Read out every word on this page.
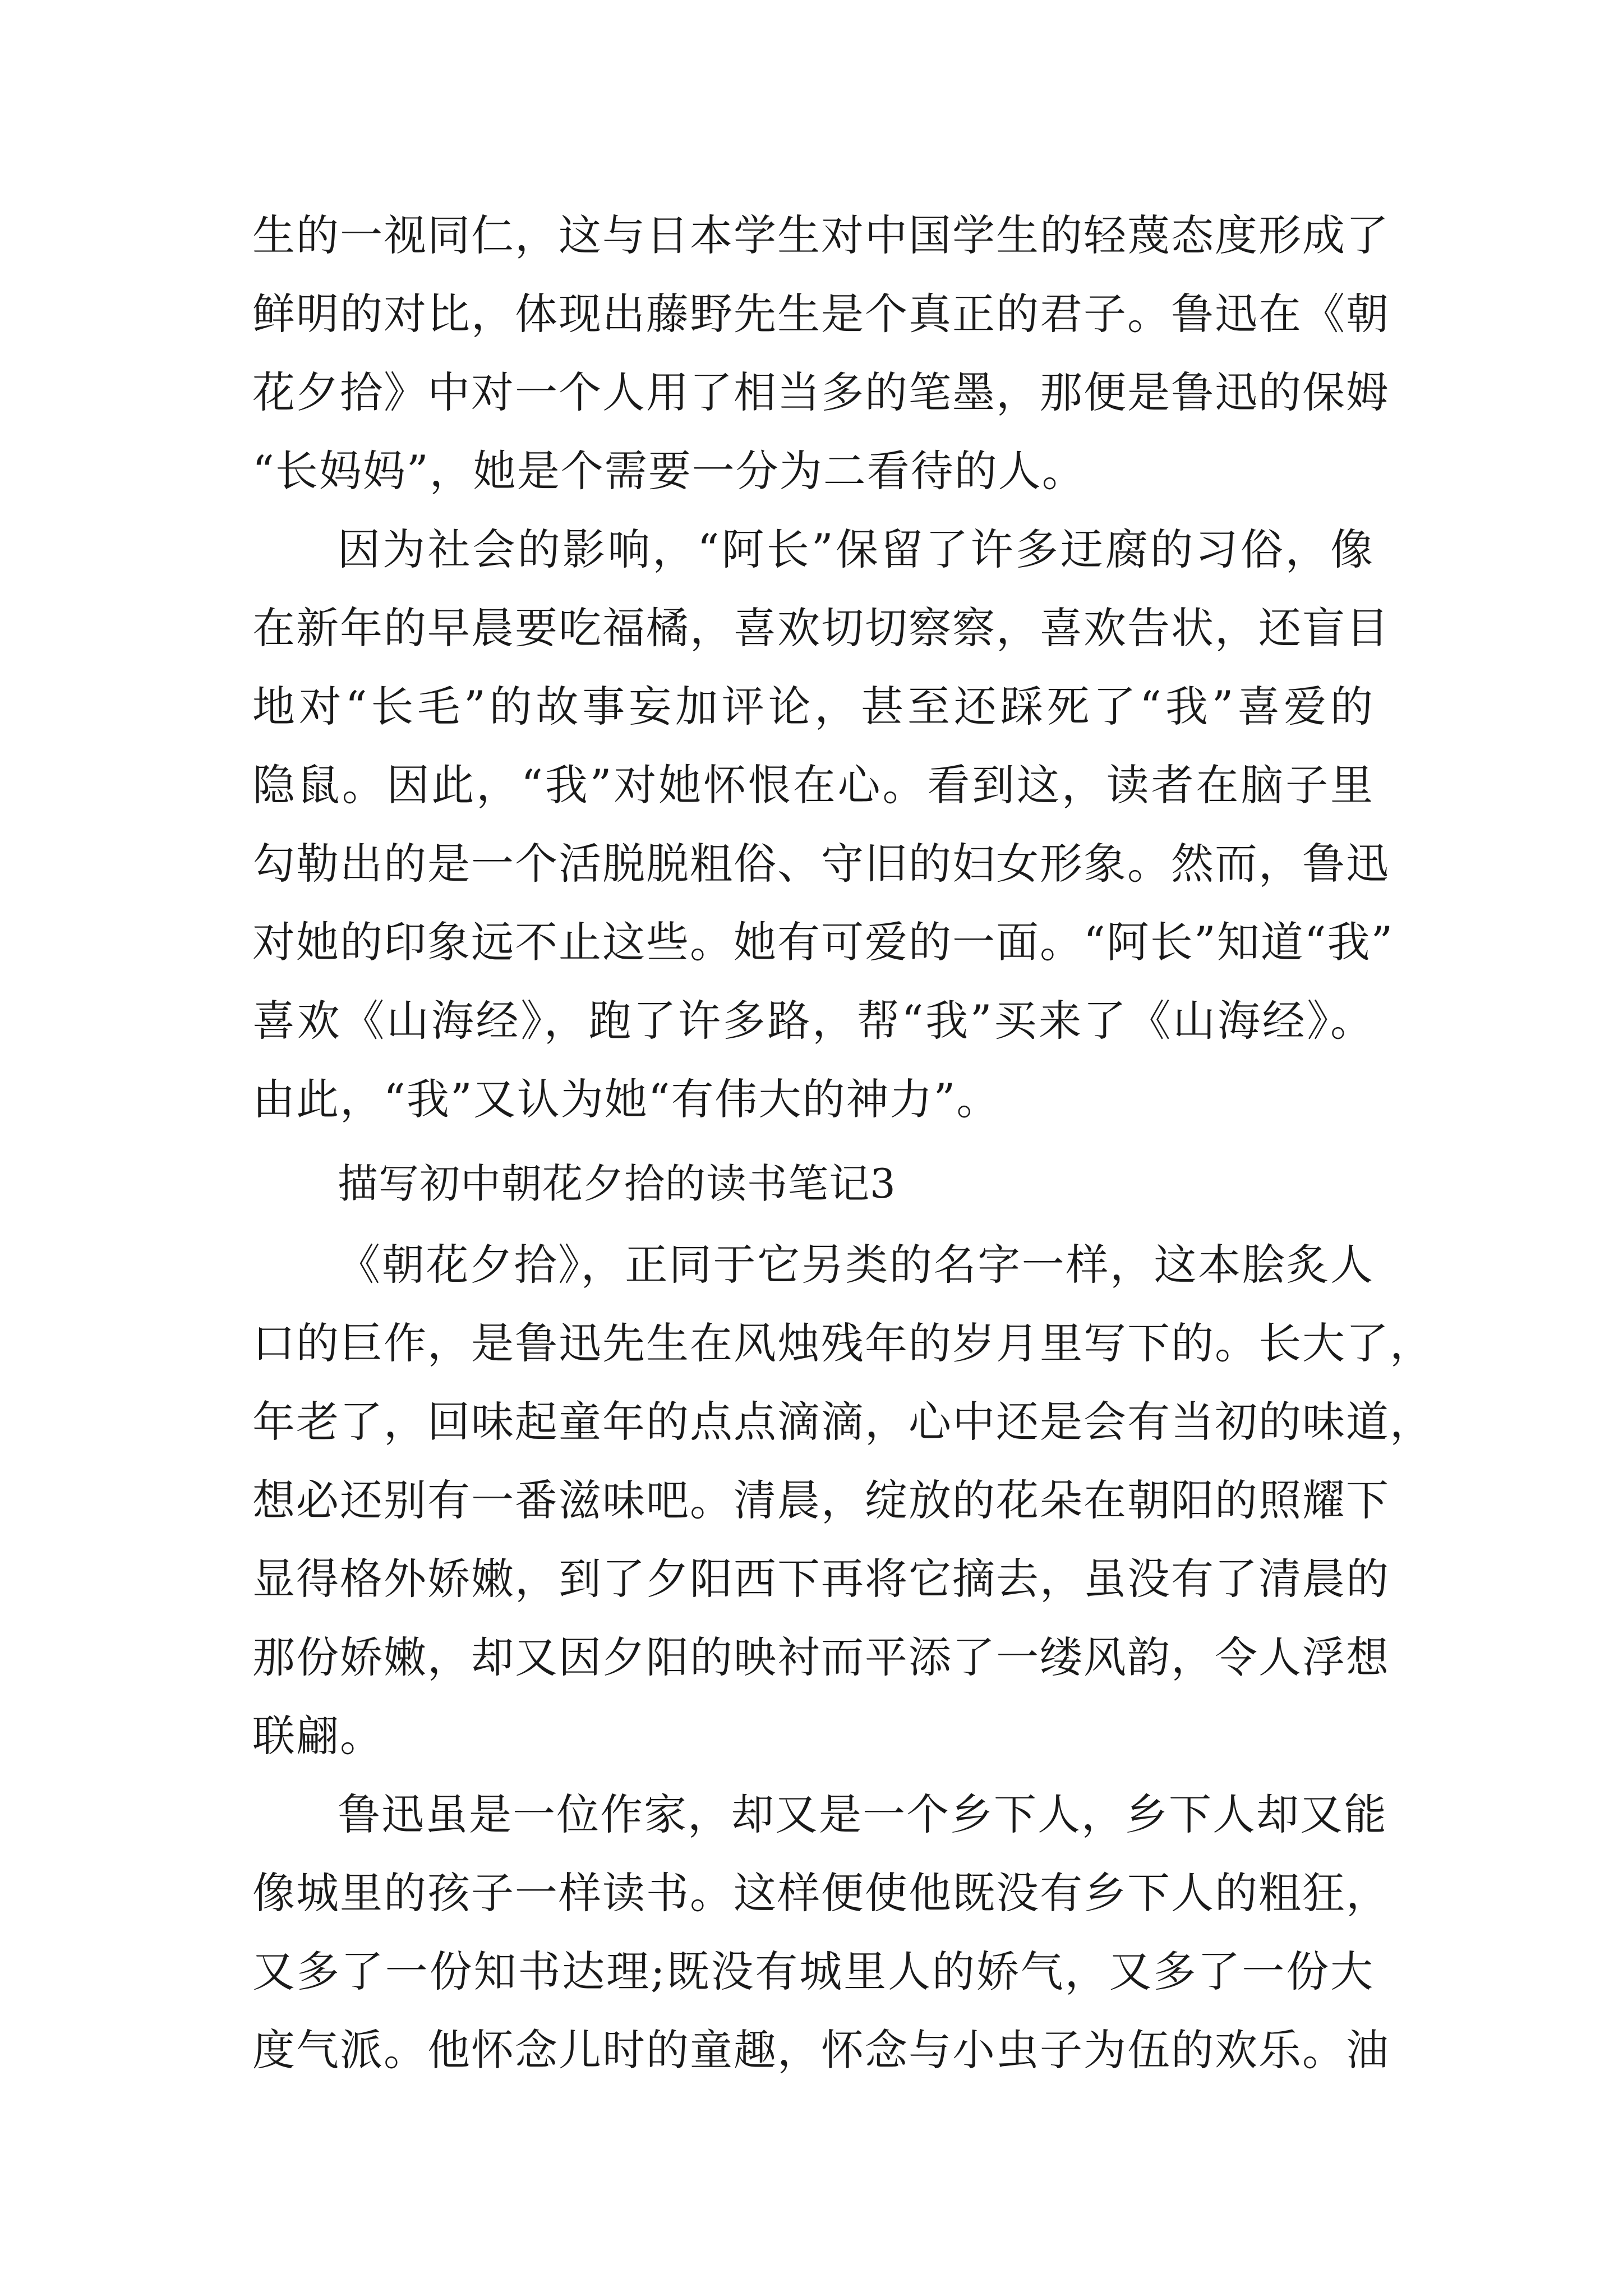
生的一视同仁，这与日本学生对中国学生的轻蔑态度形成了
鲜明的对比，体现出藤野先生是个真正的君子。鲁迅在《朝
花夕拾》中对一个人用了相当多的笔墨，那便是鲁迅的保姆
“长妈妈”，她是个需要一分为二看待的人。
因为社会的影响，“阿长”保留了许多迂腐的习俗，像
在新年的早晨要吃福橘，喜欢切切察察，喜欢告状，还盲目
地对“长毛”的故事妄加评论，甚至还踩死了“我”喜爱的
隐鼠。因此，“我”对她怀恨在心。看到这，读者在脑子里
勾勒出的是一个活脱脱粗俗、守旧的妇女形象。然而，鲁迅
对她的印象远不止这些。她有可爱的一面。“阿长”知道“我”
喜欢《山海经》，跑了许多路，帮“我”买来了《山海经》。
由此，“我”又认为她“有伟大的神力”。
描写初中朝花夕拾的读书笔记3
《朝花夕拾》，正同于它另类的名字一样，这本脍炙人
口的巨作，是鲁迅先生在风烛残年的岁月里写下的。长大了，
年老了，回味起童年的点点滴滴，心中还是会有当初的味道，
想必还别有一番滋味吧。清晨，绽放的花朵在朝阳的照耀下
显得格外娇嫩，到了夕阳西下再将它摘去，虽没有了清晨的
那份娇嫩，却又因夕阳的映衬而平添了一缕风韵，令人浮想
联翩。
鲁迅虽是一位作家，却又是一个乡下人，乡下人却又能
像城里的孩子一样读书。这样便使他既没有乡下人的粗狂，
又多了一份知书达理;既没有城里人的娇气，又多了一份大
度气派。他怀念儿时的童趣，怀念与小虫子为伍的欢乐。油
